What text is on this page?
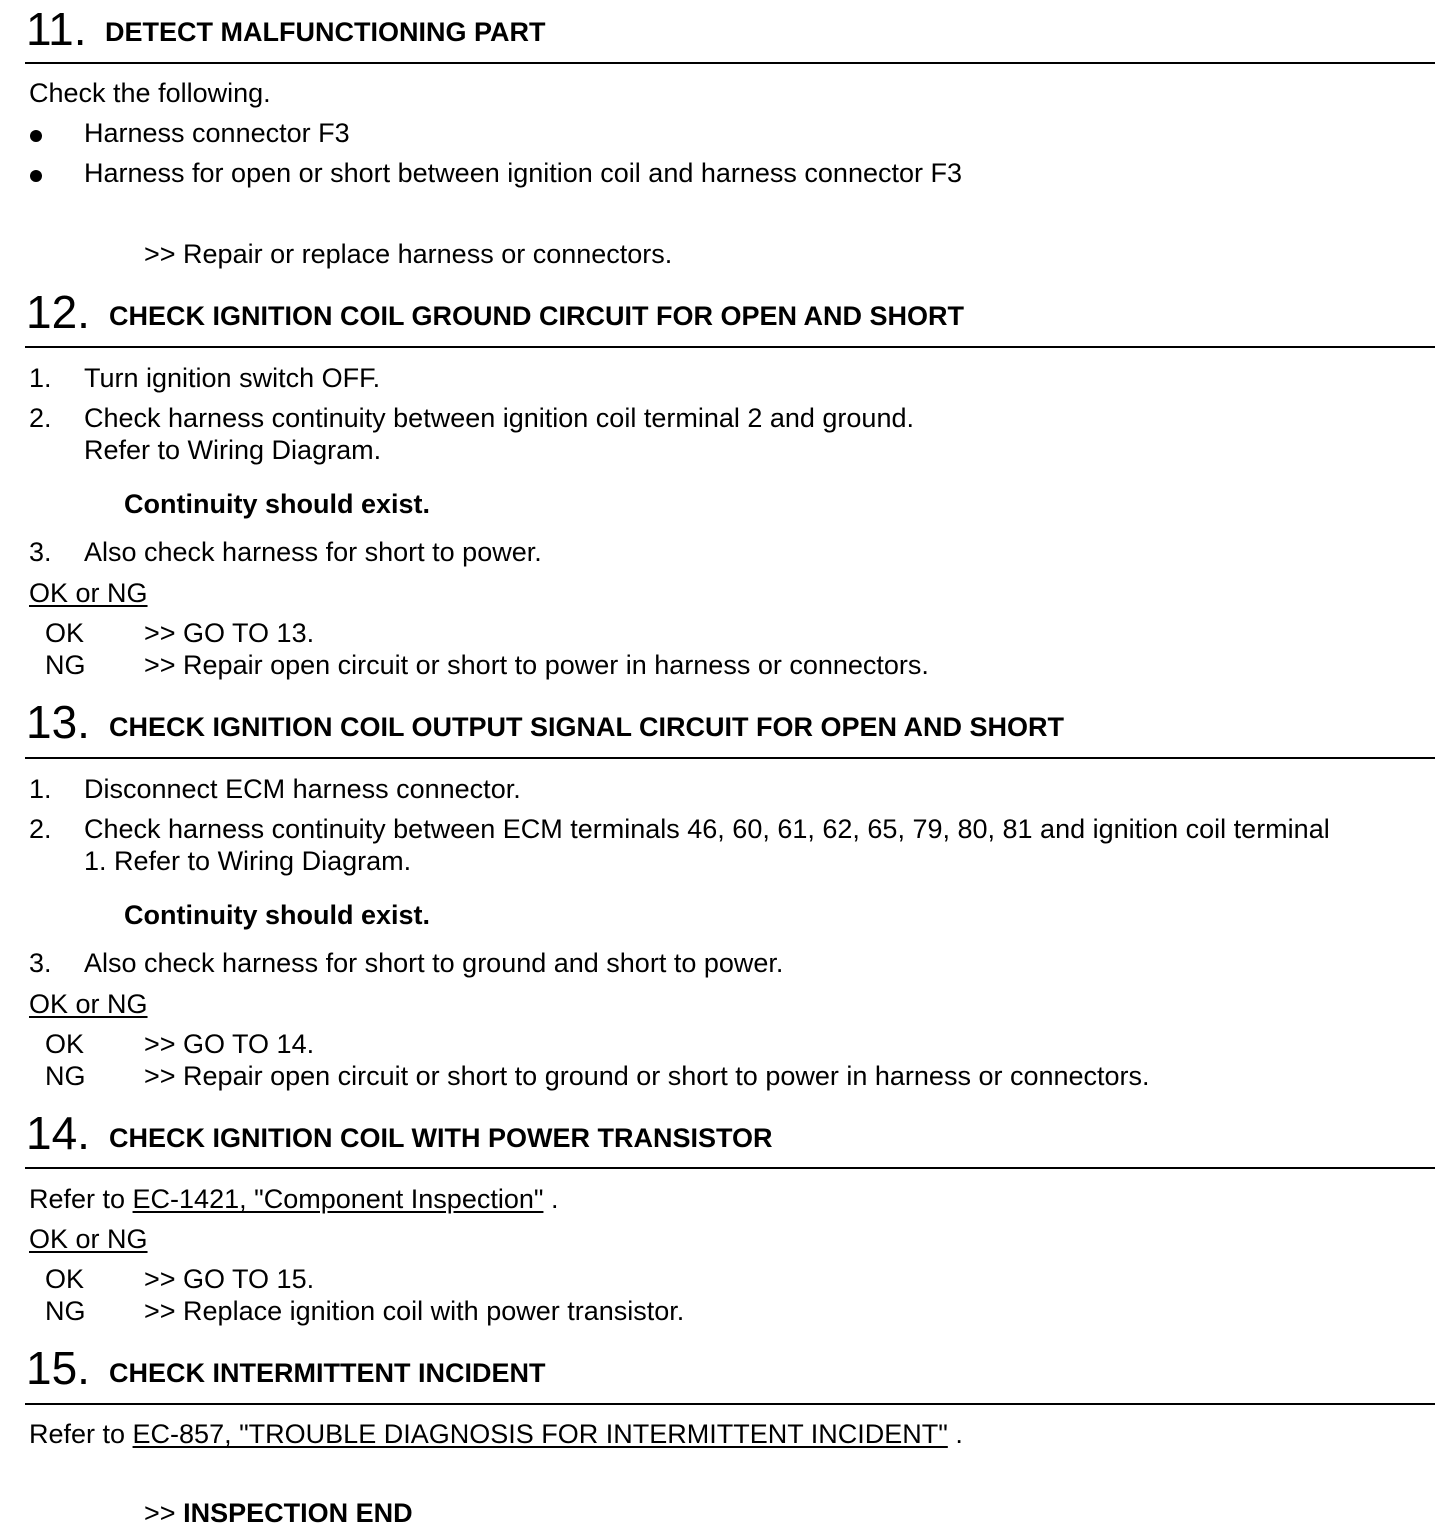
11. DETECT MALFUNCTIONING PART
Check the following.
Harness connector F3
Harness for open or short between ignition coil and harness connector F3
>> Repair or replace harness or connectors.
12. CHECK IGNITION COIL GROUND CIRCUIT FOR OPEN AND SHORT
1. Turn ignition switch OFF.
2. Check harness continuity between ignition coil terminal 2 and ground.
Refer to Wiring Diagram.
Continuity should exist.
3. Also check harness for short to power.
OK or NG
OK >> GO TO 13.
NG >> Repair open circuit or short to power in harness or connectors.
13. CHECK IGNITION COIL OUTPUT SIGNAL CIRCUIT FOR OPEN AND SHORT
1. Disconnect ECM harness connector.
2. Check harness continuity between ECM terminals 46, 60, 61, 62, 65, 79, 80, 81 and ignition coil terminal
1. Refer to Wiring Diagram.
Continuity should exist.
3. Also check harness for short to ground and short to power.
OK or NG
OK >> GO TO 14.
NG >> Repair open circuit or short to ground or short to power in harness or connectors.
14. CHECK IGNITION COIL WITH POWER TRANSISTOR
Refer to EC-1421, "Component Inspection" .
OK or NG
OK >> GO TO 15.
NG >> Replace ignition coil with power transistor.
15. CHECK INTERMITTENT INCIDENT
Refer to EC-857, "TROUBLE DIAGNOSIS FOR INTERMITTENT INCIDENT" .
>> INSPECTION END
